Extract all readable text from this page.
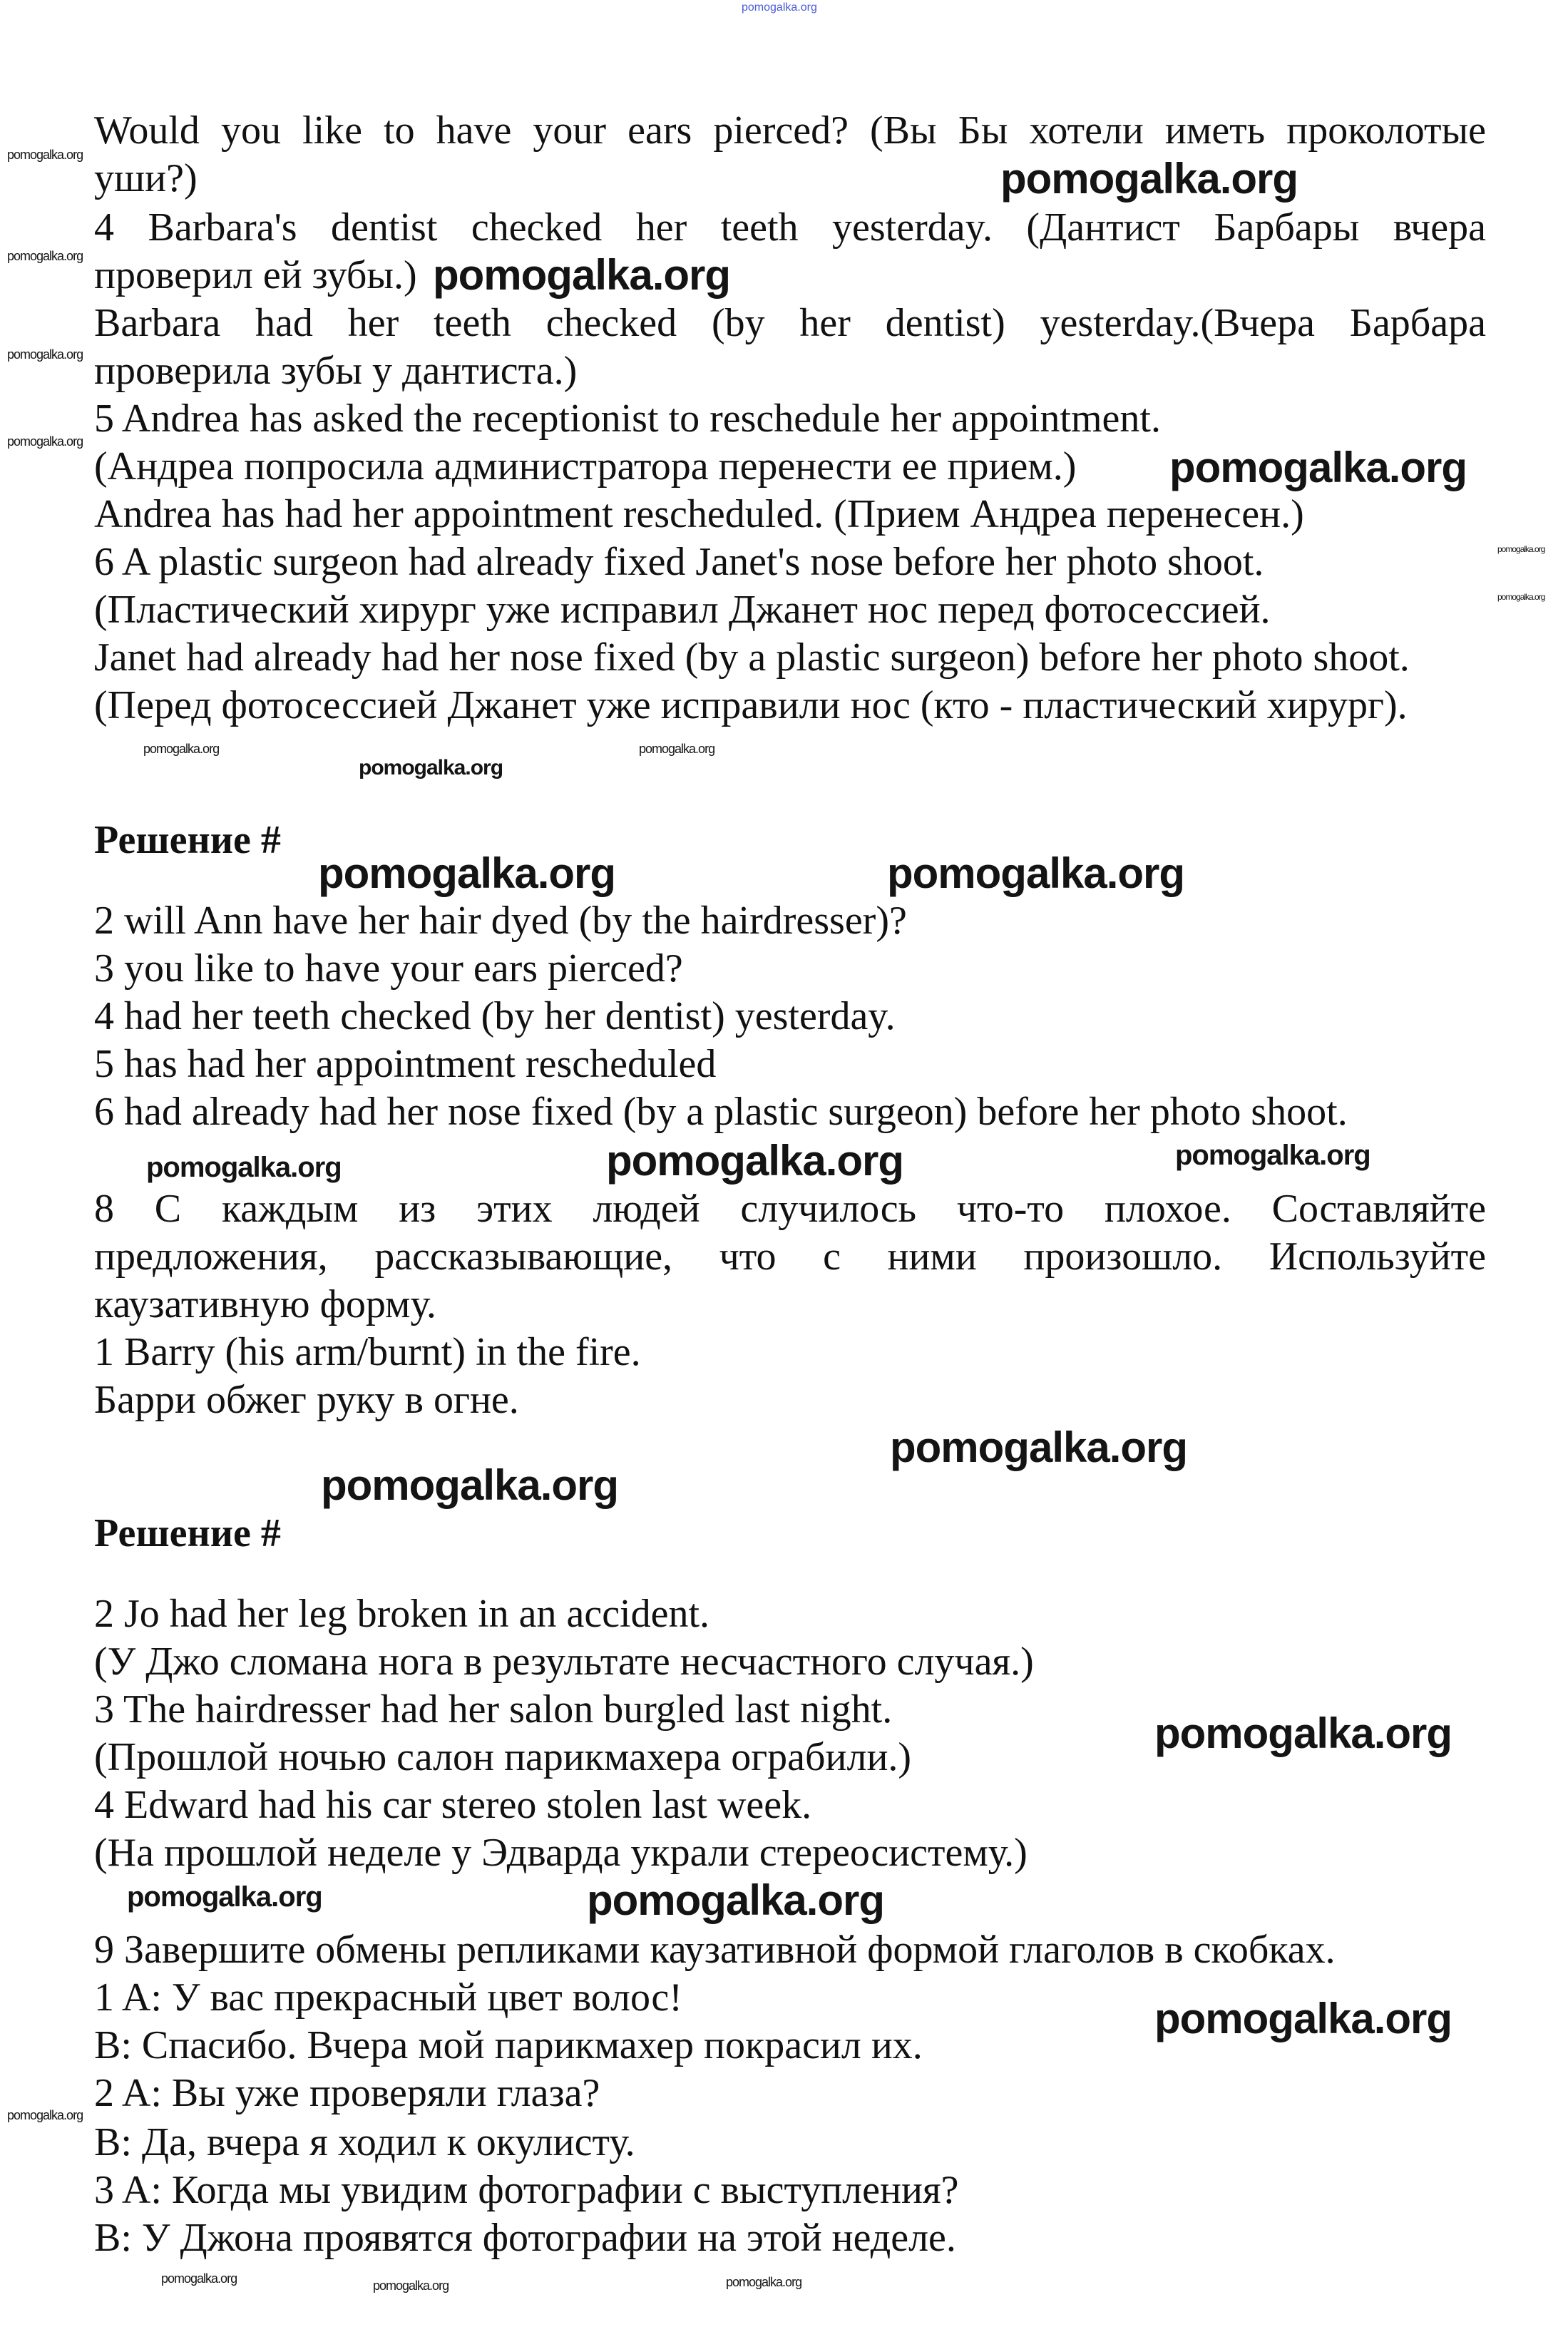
pomogalka.org
Would you like to have your ears pierced? (Вы Бы хотели иметь проколотые
уши?)
4 Barbara's dentist checked her teeth yesterday. (Дантист Барбары вчера
проверил ей зубы.)
Barbara had her teeth checked (by her dentist) yesterday.(Вчера Барбара
проверила зубы у дантиста.)
5 Andrea has asked the receptionist to reschedule her appointment.
(Андреа попросила администратора перенести ее прием.)
Andrea has had her appointment rescheduled. (Прием Андреа перенесен.)
6 A plastic surgeon had already fixed Janet's nose before her photo shoot.
(Пластический хирург уже исправил Джанет нос перед фотосессией.
Janet had already had her nose fixed (by a plastic surgeon) before her photo shoot.
(Перед фотосессией Джанет уже исправили нос (кто - пластический хирург).
Решение #
2 will Ann have her hair dyed (by the hairdresser)?
3 you like to have your ears pierced?
4 had her teeth checked (by her dentist) yesterday.
5 has had her appointment rescheduled
6 had already had her nose fixed (by a plastic surgeon) before her photo shoot.
8 С каждым из этих людей случилось что-то плохое. Составляйте
предложения, рассказывающие, что с ними произошло. Используйте
каузативную форму.
1 Barry (his arm/burnt) in the fire.
Барри обжег руку в огне.
Решение #
2 Jo had her leg broken in an accident.
(У Джо сломана нога в результате несчастного случая.)
3 The hairdresser had her salon burgled last night.
(Прошлой ночью салон парикмахера ограбили.)
4 Edward had his car stereo stolen last week.
(На прошлой неделе у Эдварда украли стереосистему.)
9 Завершите обмены репликами каузативной формой глаголов в скобках.
1 A: У вас прекрасный цвет волос!
B: Спасибо. Вчера мой парикмахер покрасил их.
2 A: Вы уже проверяли глаза?
B: Да, вчера я ходил к окулисту.
3 A: Когда мы увидим фотографии с выступления?
B: У Джона проявятся фотографии на этой неделе.
pomogalka.org
pomogalka.org
pomogalka.org
pomogalka.org	pomogalka.org
pomogalka.org
pomogalka.org
pomogalka.org
pomogalka.org
pomogalka.org
pomogalka.org
pomogalka.org	pomogalka.org
pomogalka.org
pomogalka.org
pomogalka.org
pomogalka.org
pomogalka.org
pomogalka.org
pomogalka.org	pomogalka.org
pomogalka.org
pomogalka.org	pomogalka.org	pomogalka.org
pomogalka.org
pomogalka.org
